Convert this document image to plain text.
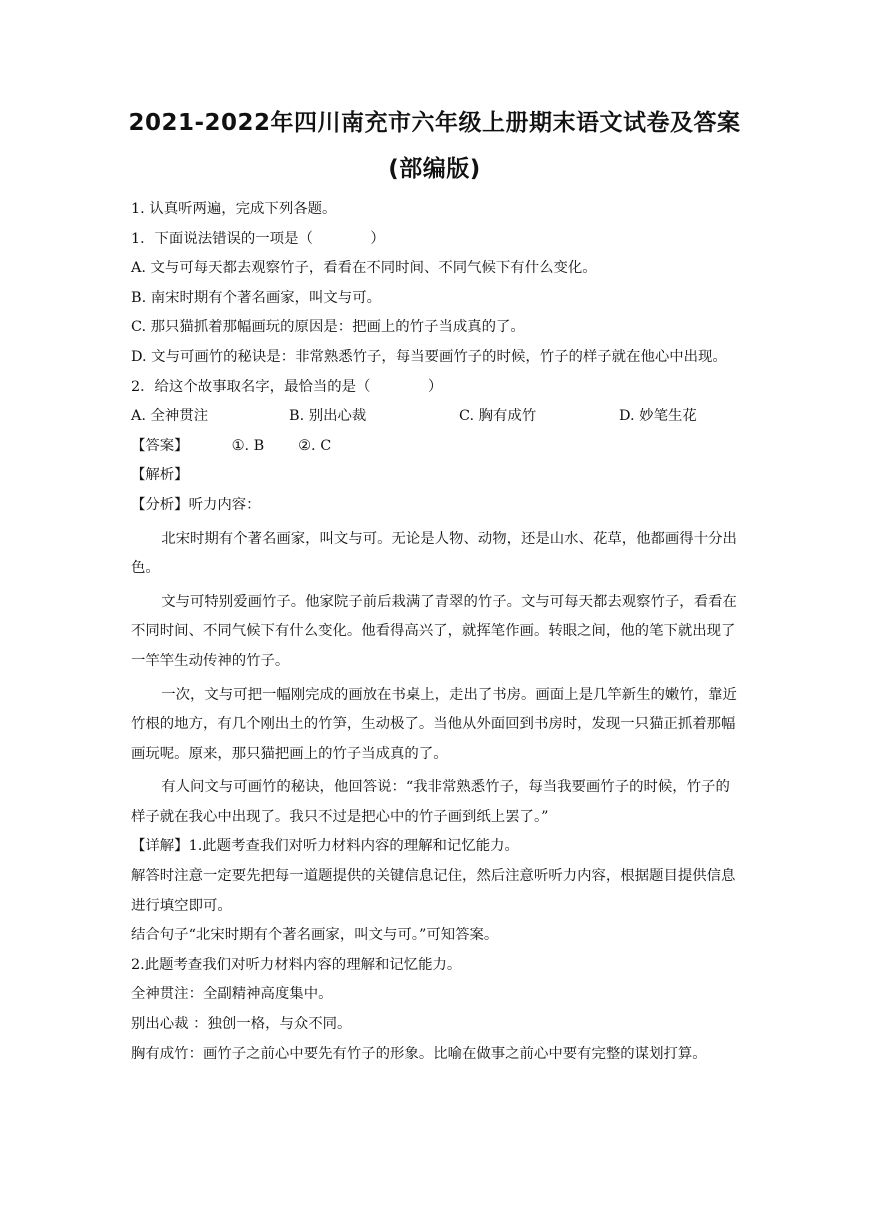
2021-2022年四川南充市六年级上册期末语文试卷及答案
(部编版)
1. 认真听两遍，完成下列各题。
1．下面说法错误的一项是（　　　　）
A. 文与可每天都去观察竹子，看看在不同时间、不同气候下有什么变化。
B. 南宋时期有个著名画家，叫文与可。
C. 那只猫抓着那幅画玩的原因是：把画上的竹子当成真的了。
D. 文与可画竹的秘诀是：非常熟悉竹子，每当要画竹子的时候，竹子的样子就在他心中出现。
2．给这个故事取名字，最恰当的是（　　　　）
A. 全神贯注	B. 别出心裁	C. 胸有成竹	D. 妙笔生花
【答案】	①. B ②. C
【解析】
【分析】听力内容：
北宋时期有个著名画家，叫文与可。无论是人物、动物，还是山水、花草，他都画得十分出色。
文与可特别爱画竹子。他家院子前后栽满了青翠的竹子。文与可每天都去观察竹子，看看在不同时间、不同气候下有什么变化。他看得高兴了，就挥笔作画。转眼之间，他的笔下就出现了一竿竿生动传神的竹子。
一次，文与可把一幅刚完成的画放在书桌上，走出了书房。画面上是几竿新生的嫩竹，靠近竹根的地方，有几个刚出土的竹笋，生动极了。当他从外面回到书房时，发现一只猫正抓着那幅画玩呢。原来，那只猫把画上的竹子当成真的了。
有人问文与可画竹的秘诀，他回答说：“我非常熟悉竹子，每当我要画竹子的时候，竹子的样子就在我心中出现了。我只不过是把心中的竹子画到纸上罢了。”
【详解】1.此题考查我们对听力材料内容的理解和记忆能力。
解答时注意一定要先把每一道题提供的关键信息记住，然后注意听听力内容，根据题目提供信息进行填空即可。
结合句子“北宋时期有个著名画家，叫文与可。”可知答案。
2.此题考查我们对听力材料内容的理解和记忆能力。
全神贯注：全副精神高度集中。
别出心裁 ：独创一格，与众不同。
胸有成竹：画竹子之前心中要先有竹子的形象。比喻在做事之前心中要有完整的谋划打算。
